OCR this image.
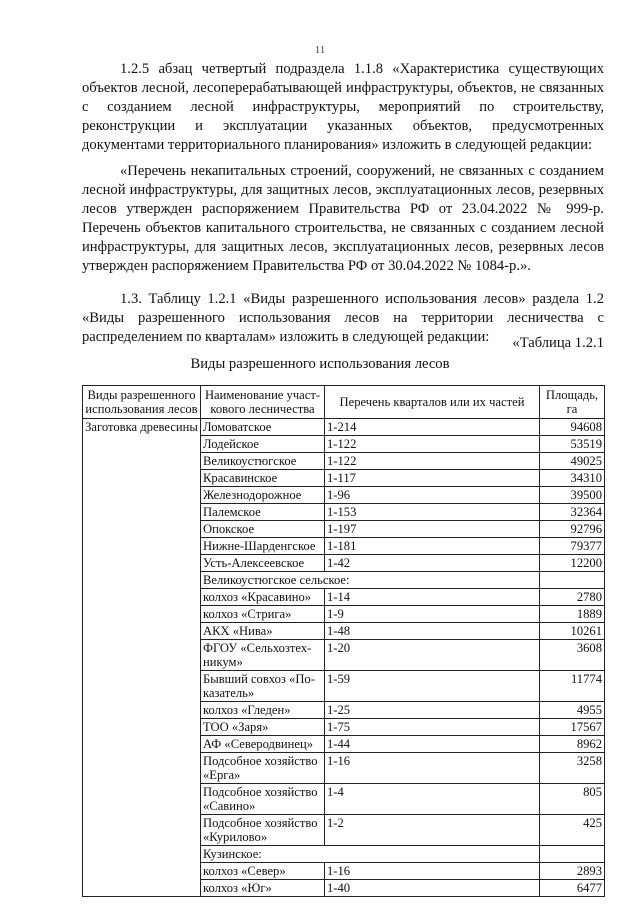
11

1.2.5 абзац четвертый подраздела 1.1.8 «Характеристика существующих объектов лесной, лесоперерабатывающей инфраструктуры, объектов, не связанных с созданием лесной инфраструктуры, мероприятий по строительству, реконструкции и эксплуатации указанных объектов, предусмотренных документами территориального планирования» изложить в следующей редакции:

«Перечень некапитальных строений, сооружений, не связанных с созданием лесной инфраструктуры, для защитных лесов, эксплуатационных лесов, резервных лесов утвержден распоряжением Правительства РФ от 23.04.2022 № 999-р. Перечень объектов капитального строительства, не связанных с созданием лесной инфраструктуры, для защитных лесов, эксплуатационных лесов, резервных лесов утвержден распоряжением Правительства РФ от 30.04.2022 № 1084-р.».

1.3. Таблицу 1.2.1 «Виды разрешенного использования лесов» раздела 1.2 «Виды разрешенного использования лесов на территории лесничества с распределением по кварталам» изложить в следующей редакции:	«Таблица 1.2.1
Виды разрешенного использования лесов
Виды разрешенного использования лесов	Наименование участ-кового лесничества	Перечень кварталов или их частей	Площадь, га
Заготовка древесины	Ломоватское	1-214	94608
	Лодейское	1-122	53519
	Великоустюгское	1-122	49025
	Красавинское	1-117	34310
	Железнодорожное	1-96	39500
	Палемское	1-153	32364
	Опокское	1-197	92796
	Нижне-Шарденгское	1-181	79377
	Усть-Алексеевское	1-42	12200
	Великоустюгское сельское:		
	колхоз «Красавино»	1-14	2780
	колхоз «Стрига»	1-9	1889
	АКХ «Нива»	1-48	10261
	ФГОУ «Сельхозтех-никум»	1-20	3608
	Бывший совхоз «По-казатель»	1-59	11774
	колхоз «Гледен»	1-25	4955
	ТОО «Заря»	1-75	17567
	АФ «Северодвинец»	1-44	8962
	Подсобное хозяйство «Ерга»	1-16	3258
	Подсобное хозяйство «Савино»	1-4	805
	Подсобное хозяйство «Курилово»	1-2	425
	Кузинское:		
	колхоз «Север»	1-16	2893
	колхоз «Юг»	1-40	6477
